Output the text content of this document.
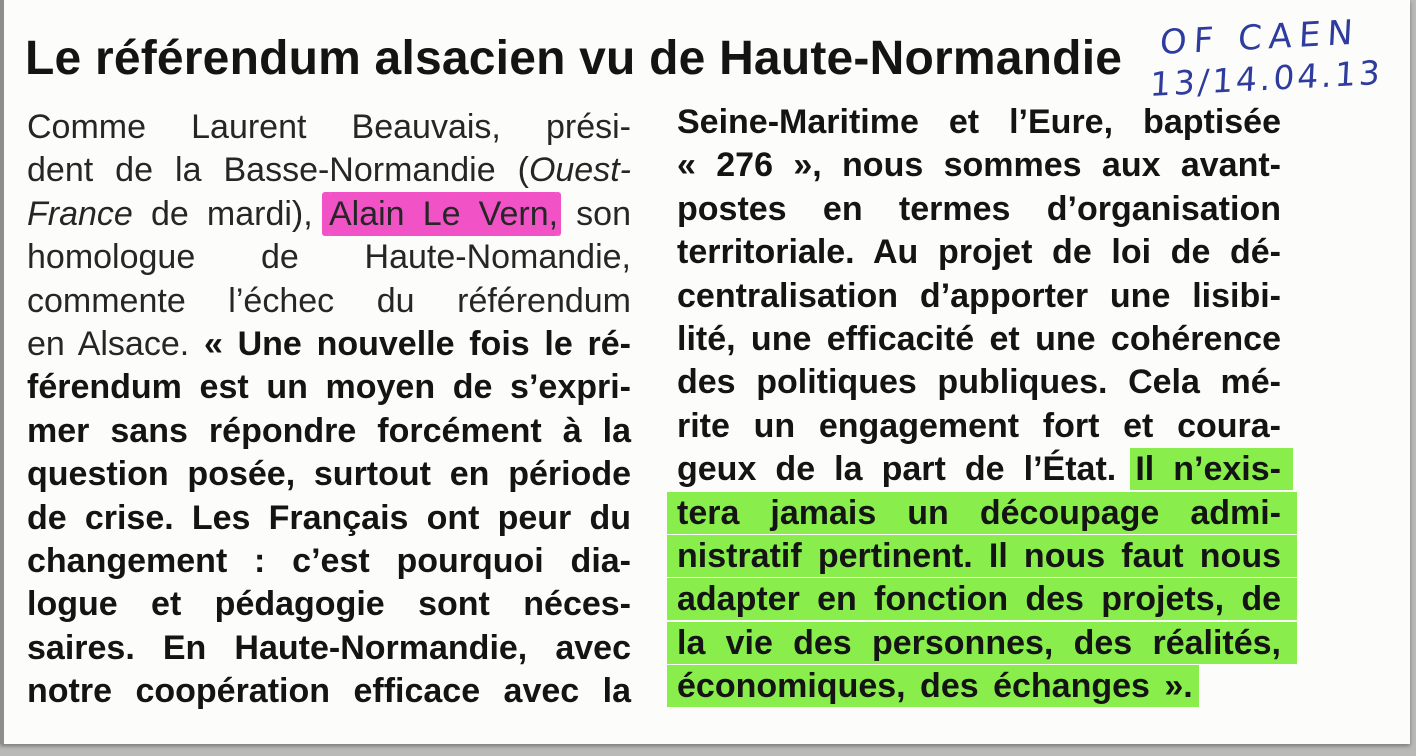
Le référendum alsacien vu de Haute-Normandie OF CAEN
13/14.04.13
Comme Laurent Beauvais, prési-
dent de la Basse-Normandie (Ouest-
France de mardi), Alain Le Vern, son
homologue de Haute-Nomandie,
commente l’échec du référendum
en Alsace. « Une nouvelle fois le ré-
férendum est un moyen de s’expri-
mer sans répondre forcément à la
question posée, surtout en période
de crise. Les Français ont peur du
changement : c’est pourquoi dia-
logue et pédagogie sont néces-
saires. En Haute-Normandie, avec
notre coopération efficace avec la
Seine-Maritime et l’Eure, baptisée
« 276 », nous sommes aux avant-
postes en termes d’organisation
territoriale. Au projet de loi de dé-
centralisation d’apporter une lisibi-
lité, une efficacité et une cohérence
des politiques publiques. Cela mé-
rite un engagement fort et coura-
geux de la part de l’État. Il n’exis-
tera jamais un découpage admi-
nistratif pertinent. Il nous faut nous
adapter en fonction des projets, de
la vie des personnes, des réalités,
économiques, des échanges ».
